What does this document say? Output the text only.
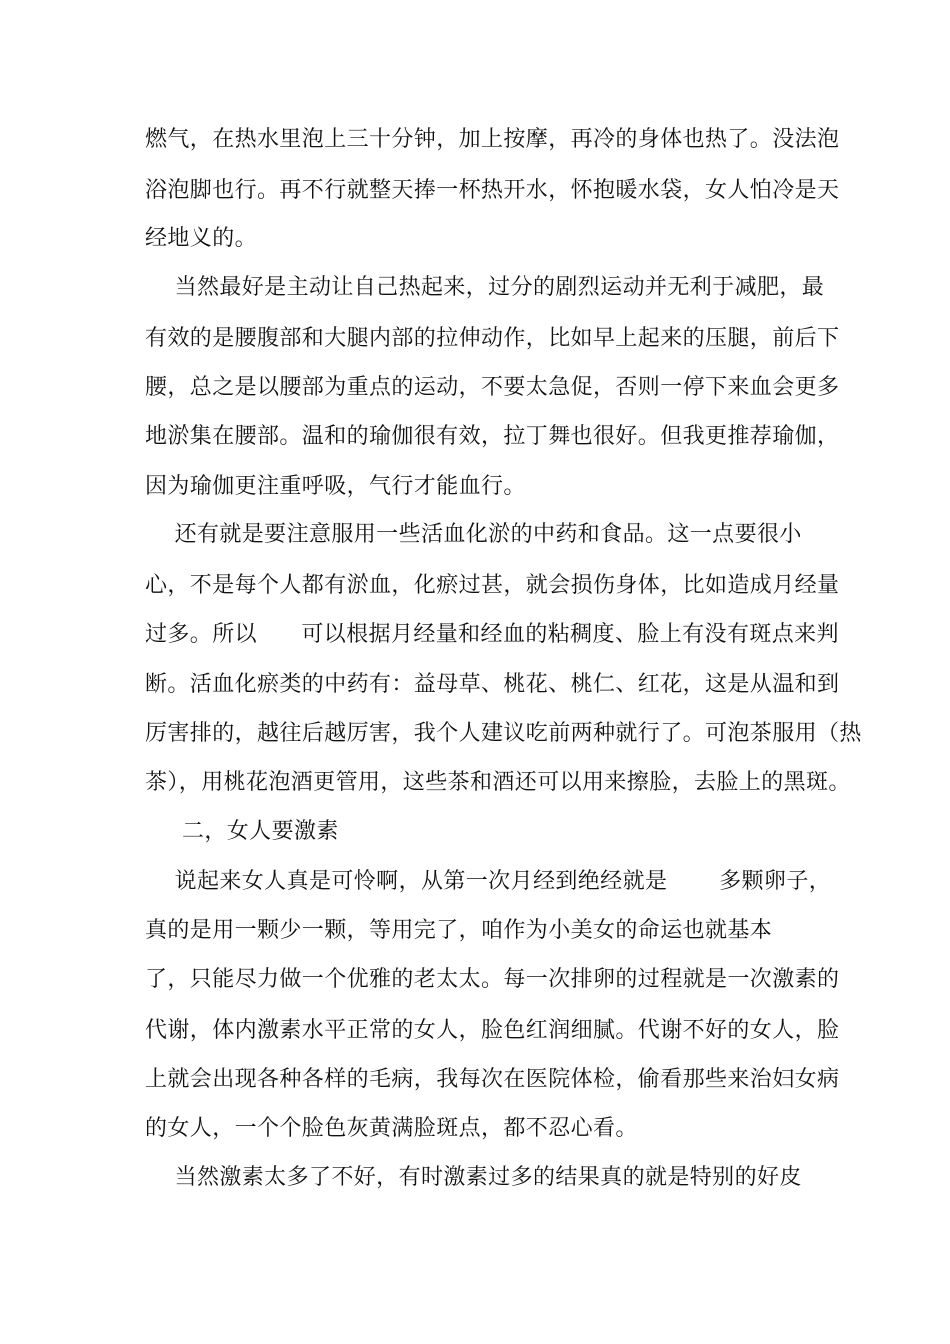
燃气，在热水里泡上三十分钟，加上按摩，再冷的身体也热了。没法泡
浴泡脚也行。再不行就整天捧一杯热开水，怀抱暖水袋，女人怕冷是天
经地义的。
当然最好是主动让自己热起来，过分的剧烈运动并无利于减肥，最
有效的是腰腹部和大腿内部的拉伸动作，比如早上起来的压腿，前后下
腰，总之是以腰部为重点的运动，不要太急促，否则一停下来血会更多
地淤集在腰部。温和的瑜伽很有效，拉丁舞也很好。但我更推荐瑜伽，
因为瑜伽更注重呼吸，气行才能血行。
还有就是要注意服用一些活血化淤的中药和食品。这一点要很小
心，不是每个人都有淤血，化瘀过甚，就会损伤身体，比如造成月经量
过多。所以      可以根据月经量和经血的粘稠度、脸上有没有斑点来判
断。活血化瘀类的中药有：益母草、桃花、桃仁、红花，这是从温和到
厉害排的，越往后越厉害，我个人建议吃前两种就行了。可泡茶服用（热
茶），用桃花泡酒更管用，这些茶和酒还可以用来擦脸，去脸上的黑斑。
二，女人要激素
说起来女人真是可怜啊，从第一次月经到绝经就是       多颗卵子，
真的是用一颗少一颗，等用完了，咱作为小美女的命运也就基本
了，只能尽力做一个优雅的老太太。每一次排卵的过程就是一次激素的
代谢，体内激素水平正常的女人，脸色红润细腻。代谢不好的女人，脸
上就会出现各种各样的毛病，我每次在医院体检，偷看那些来治妇女病
的女人，一个个脸色灰黄满脸斑点，都不忍心看。
当然激素太多了不好，有时激素过多的结果真的就是特别的好皮
